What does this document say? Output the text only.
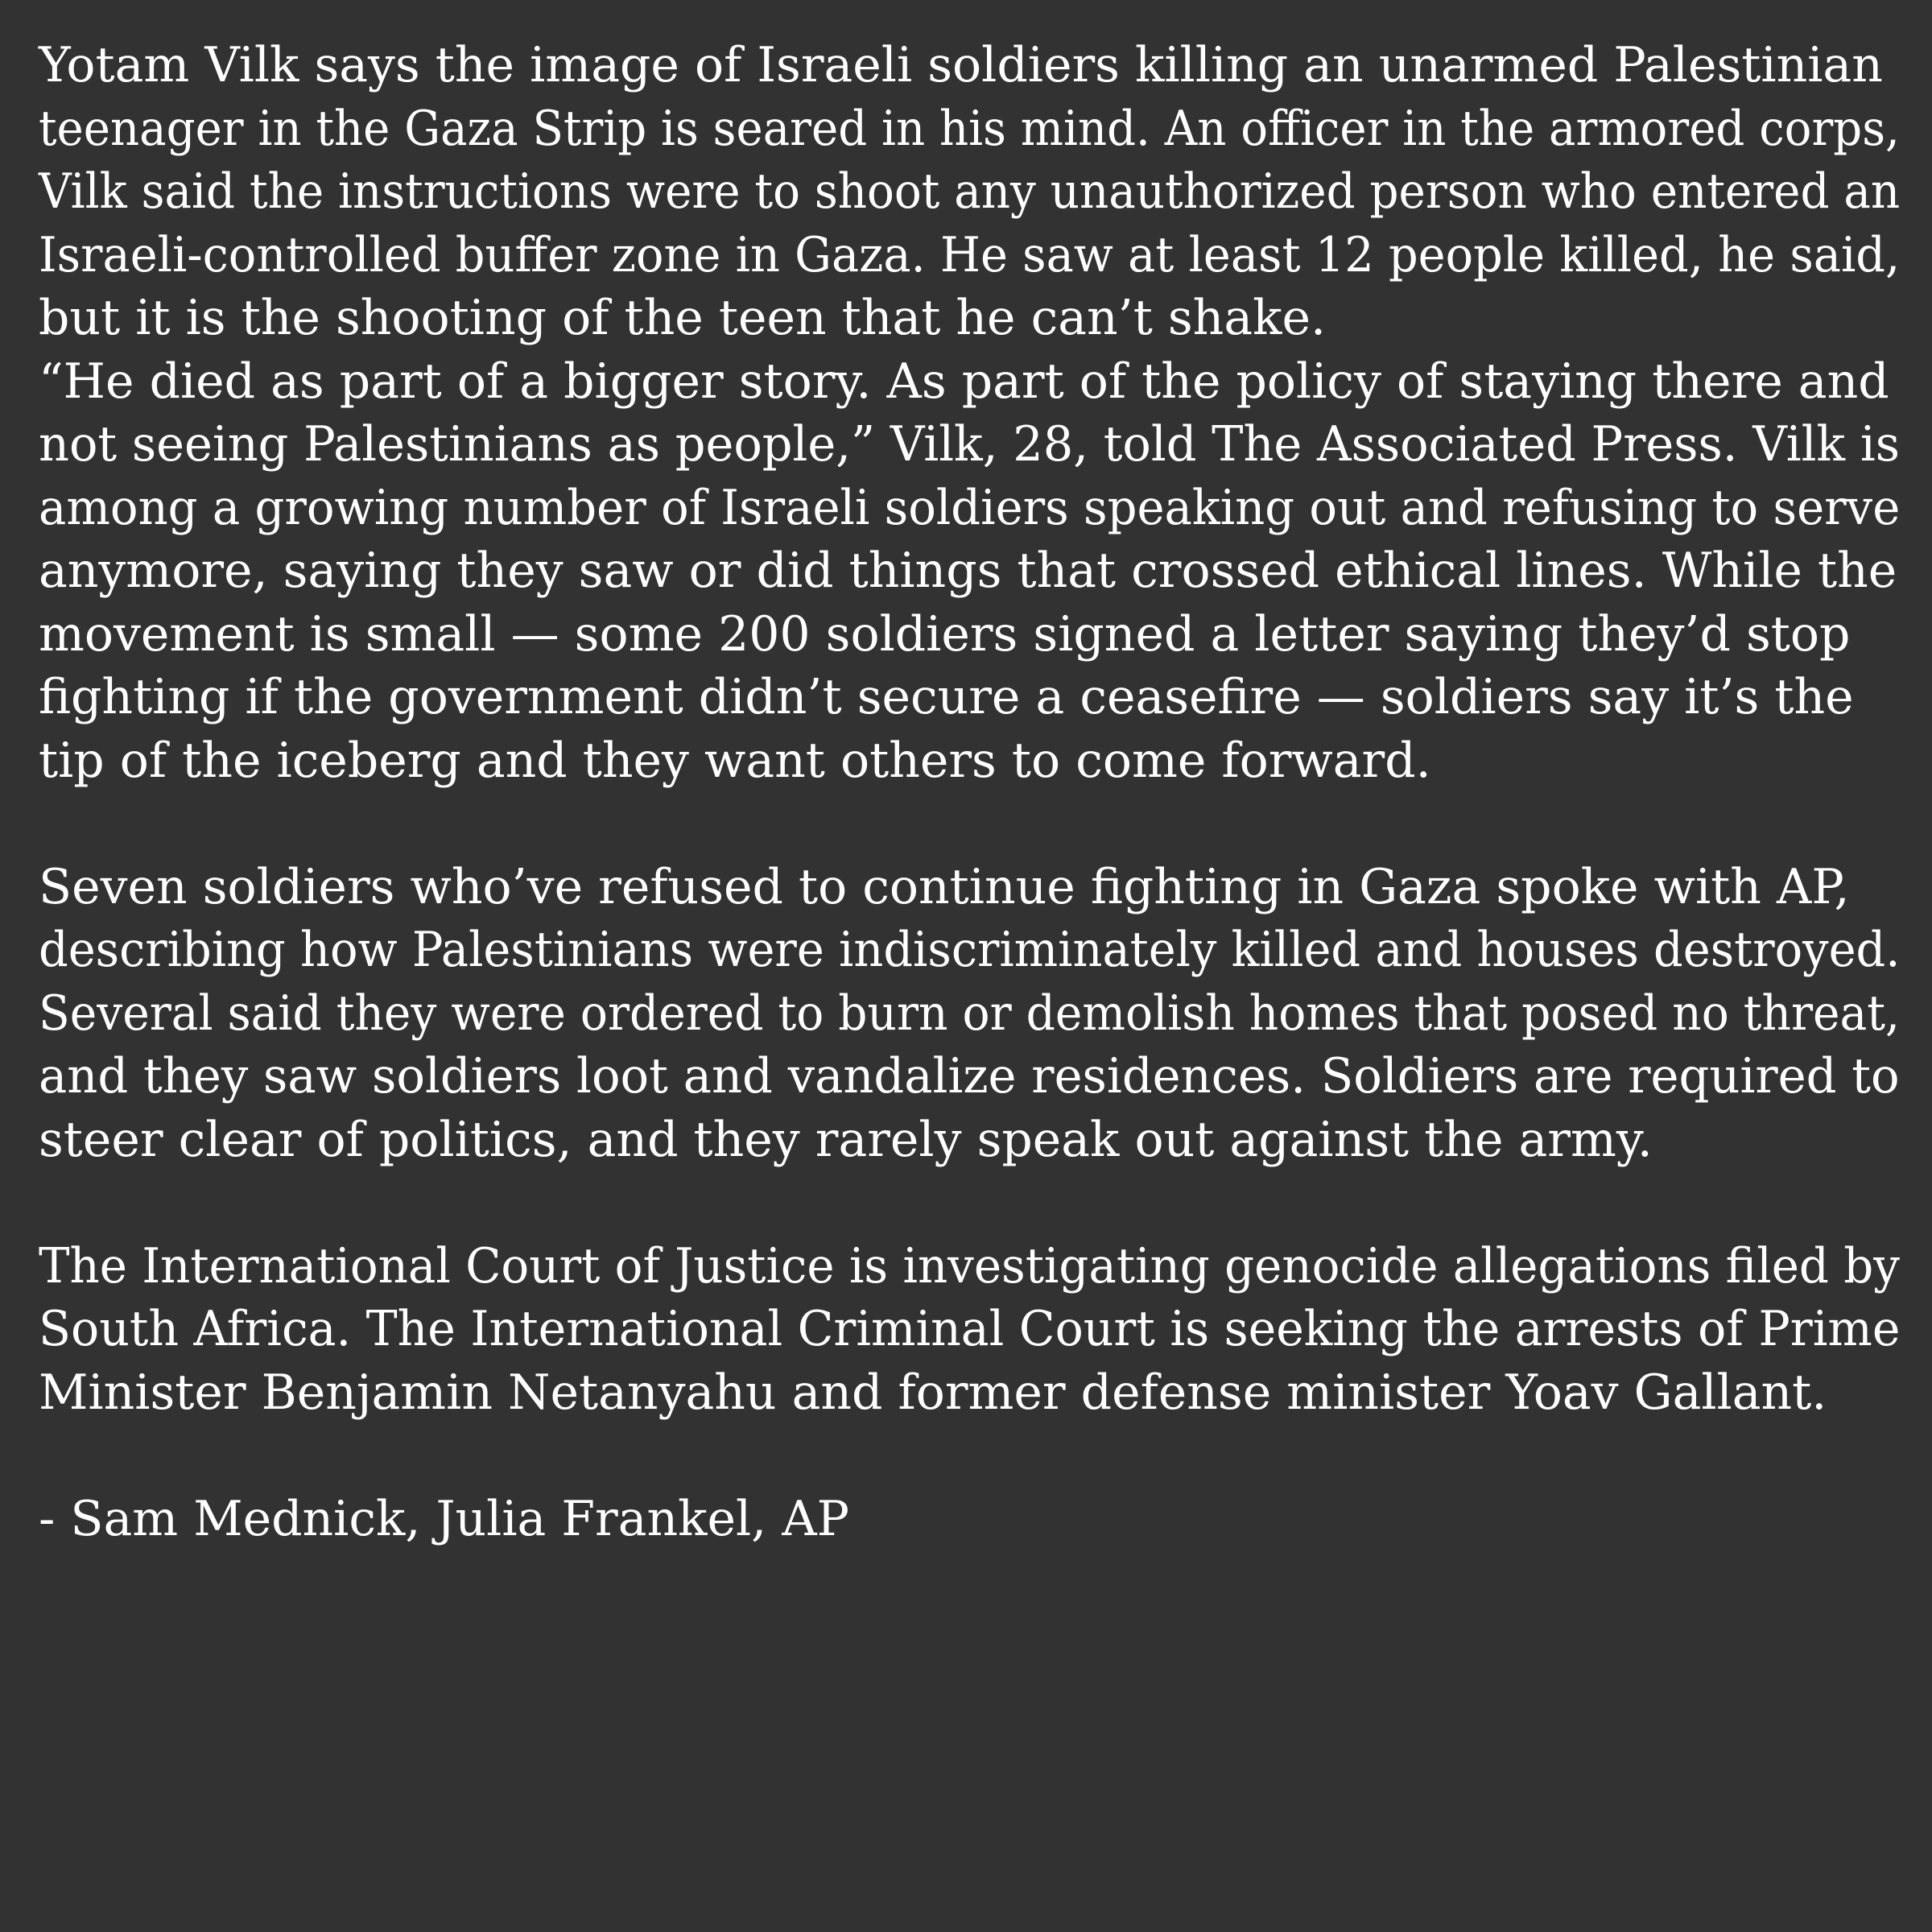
Yotam Vilk says the image of Israeli soldiers killing an unarmed Palestinian
teenager in the Gaza Strip is seared in his mind. An officer in the armored corps,
Vilk said the instructions were to shoot any unauthorized person who entered an
Israeli-controlled buffer zone in Gaza. He saw at least 12 people killed, he said,
but it is the shooting of the teen that he can’t shake.
“He died as part of a bigger story. As part of the policy of staying there and
not seeing Palestinians as people,” Vilk, 28, told The Associated Press. Vilk is
among a growing number of Israeli soldiers speaking out and refusing to serve
anymore, saying they saw or did things that crossed ethical lines. While the
movement is small — some 200 soldiers signed a letter saying they’d stop
fighting if the government didn’t secure a ceasefire — soldiers say it’s the
tip of the iceberg and they want others to come forward.
Seven soldiers who’ve refused to continue fighting in Gaza spoke with AP,
describing how Palestinians were indiscriminately killed and houses destroyed.
Several said they were ordered to burn or demolish homes that posed no threat,
and they saw soldiers loot and vandalize residences. Soldiers are required to
steer clear of politics, and they rarely speak out against the army.
The International Court of Justice is investigating genocide allegations filed by
South Africa. The International Criminal Court is seeking the arrests of Prime
Minister Benjamin Netanyahu and former defense minister Yoav Gallant.
- Sam Mednick, Julia Frankel, AP
